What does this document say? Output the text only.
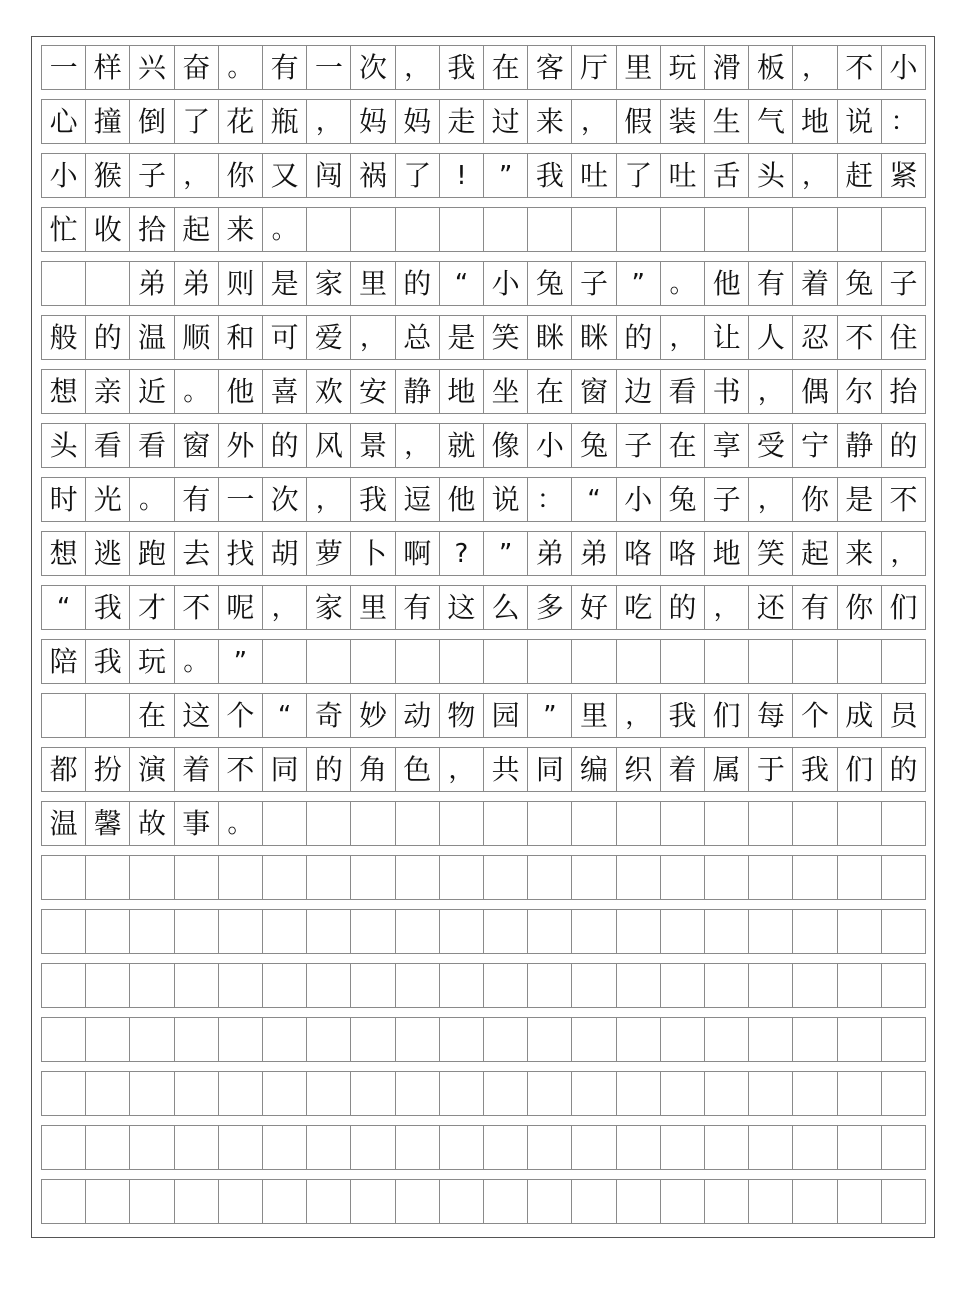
一 样 兴 奋 。 有 一 次 ， 我 在 客 厅 里 玩 滑 板 ， 不 小
心 撞 倒 了 花 瓶 ， 妈 妈 走 过 来 ， 假 装 生 气 地 说 ：
小 猴 子 ， 你 又 闯 祸 了 !	” 我 吐 了 吐 舌 头 ， 赶 紧
忙 收 拾 起 来 。
弟 弟 则 是 家 里 的 “ 小 兔 子 ” 。 他 有 着 兔 子
般 的 温 顺 和 可 爱 ， 总 是 笑 眯 眯 的 ， 让 人 忍 不 住
想 亲 近 。 他 喜 欢 安 静 地 坐 在 窗 边 看 书 ， 偶 尔 抬
头 看 看 窗 外 的 风 景 ， 就 像 小 兔 子 在 享 受 宁 静 的
时 光 。 有 一 次 ， 我 逗 他 说 ： “ 小 兔 子 ， 你 是 不
想 逃 跑 去 找 胡 萝 卜 啊 ?	” 弟 弟 咯 咯 地 笑 起 来 ，
“ 我 才 不 呢 ， 家 里 有 这 么 多 好 吃 的 ， 还 有 你 们
陪 我 玩 。 ”
在 这 个 “ 奇 妙 动 物 园 ” 里 ， 我 们 每 个 成 员
都 扮 演 着 不 同 的 角 色 ， 共 同 编 织 着 属 于 我 们 的
温 馨 故 事 。
